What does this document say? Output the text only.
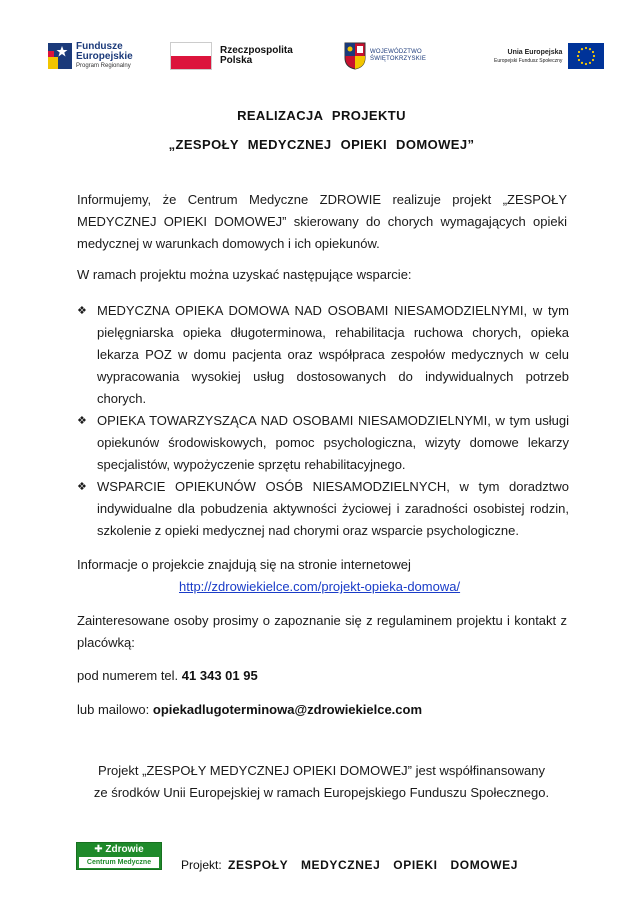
Fundusze
Europejskie
Program Regionalny
Rzeczpospolita
Polska
WOJEWÓDZTWO
ŚWIĘTOKRZYSKIE
Unia Europejska
Europejski Fundusz Społeczny
REALIZACJA PROJEKTU
„ZESPOŁY MEDYCZNEJ OPIEKI DOMOWEJ”

Informujemy, że Centrum Medyczne ZDROWIE realizuje projekt „ZESPOŁY MEDYCZNEJ OPIEKI DOMOWEJ” skierowany do chorych wymagających opieki medycznej w warunkach domowych i ich opiekunów.

W ramach projektu można uzyskać następujące wsparcie:

❖ MEDYCZNA OPIEKA DOMOWA NAD OSOBAMI NIESAMODZIELNYMI, w tym pielęgniarska opieka długoterminowa, rehabilitacja ruchowa chorych, opieka lekarza POZ w domu pacjenta oraz współpraca zespołów medycznych w celu wypracowania wysokiej usług dostosowanych do indywidualnych potrzeb chorych.
❖ OPIEKA TOWARZYSZĄCA NAD OSOBAMI NIESAMODZIELNYMI, w tym usługi opiekunów środowiskowych, pomoc psychologiczna, wizyty domowe lekarzy specjalistów, wypożyczenie sprzętu rehabilitacyjnego.
❖ WSPARCIE OPIEKUNÓW OSÓB NIESAMODZIELNYCH, w tym doradztwo indywidualne dla pobudzenia aktywności życiowej i zaradności osobistej rodzin, szkolenie z opieki medycznej nad chorymi oraz wsparcie psychologiczne.

Informacje o projekcie znajdują się na stronie internetowej

http://zdrowiekielce.com/projekt-opieka-domowa/

Zainteresowane osoby prosimy o zapoznanie się z regulaminem projektu i kontakt z placówką:

pod numerem tel. 41 343 01 95

lub mailowo: opiekadlugoterminowa@zdrowiekielce.com

Projekt „ZESPOŁY MEDYCZNEJ OPIEKI DOMOWEJ” jest współfinansowany
ze środków Unii Europejskiej w ramach Europejskiego Funduszu Społecznego.
✚ Zdrowie
Centrum Medyczne	Projekt: ZESPOŁY MEDYCZNEJ OPIEKI DOMOWEJ
